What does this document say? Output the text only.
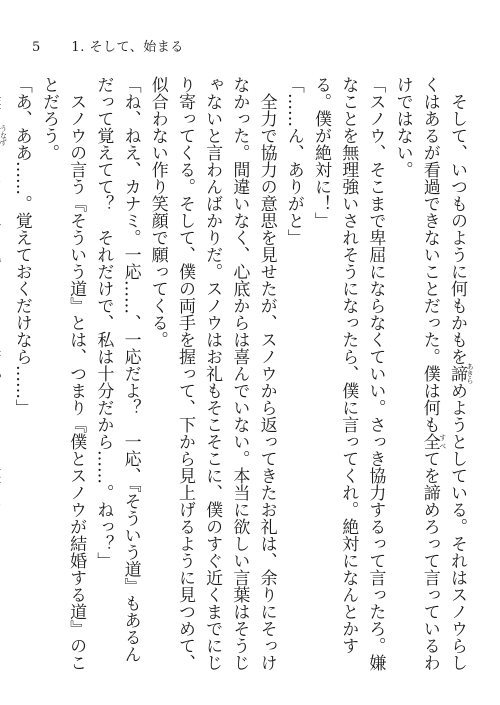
5 1. そして、始まる

　そして、いつものように何もかもを諦 あきらめようとしている。それはスノウらしくはあるが看過できないことだった。僕は何も全 すべてを諦めろって言っているわけではない。

「スノウ、そこまで卑屈にならなくていい。さっき協力するって言ったろ。嫌なことを無理強いされそうになったら、僕に言ってくれ。絶対になんとかする。僕が絶対に！」

「……ん、ありがと」

　全力で協力の意思を見せたが、スノウから返ってきたお礼は、余りにそっけなかった。間違いなく、心底からは喜んでいない。本当に欲しい言葉はそうじゃないと言わんばかりだ。スノウはお礼もそこそこに、僕のすぐ近くまでにじり寄ってくる。そして、僕の両手を握って、下から見上げるように見つめて、似合わない作り笑顔で願ってくる。

「ね、ねえ、カナミ。一応……、一応だよ？　一応、『そういう道』もあるんだって覚えてて？　それだけで、私は十分だから……。ねっ？」

　スノウの言う『そういう道』とは、つまり『僕とスノウが結婚する道』のことだろう。

「あ、ああ……。覚えておくだけなら……」

うなず
